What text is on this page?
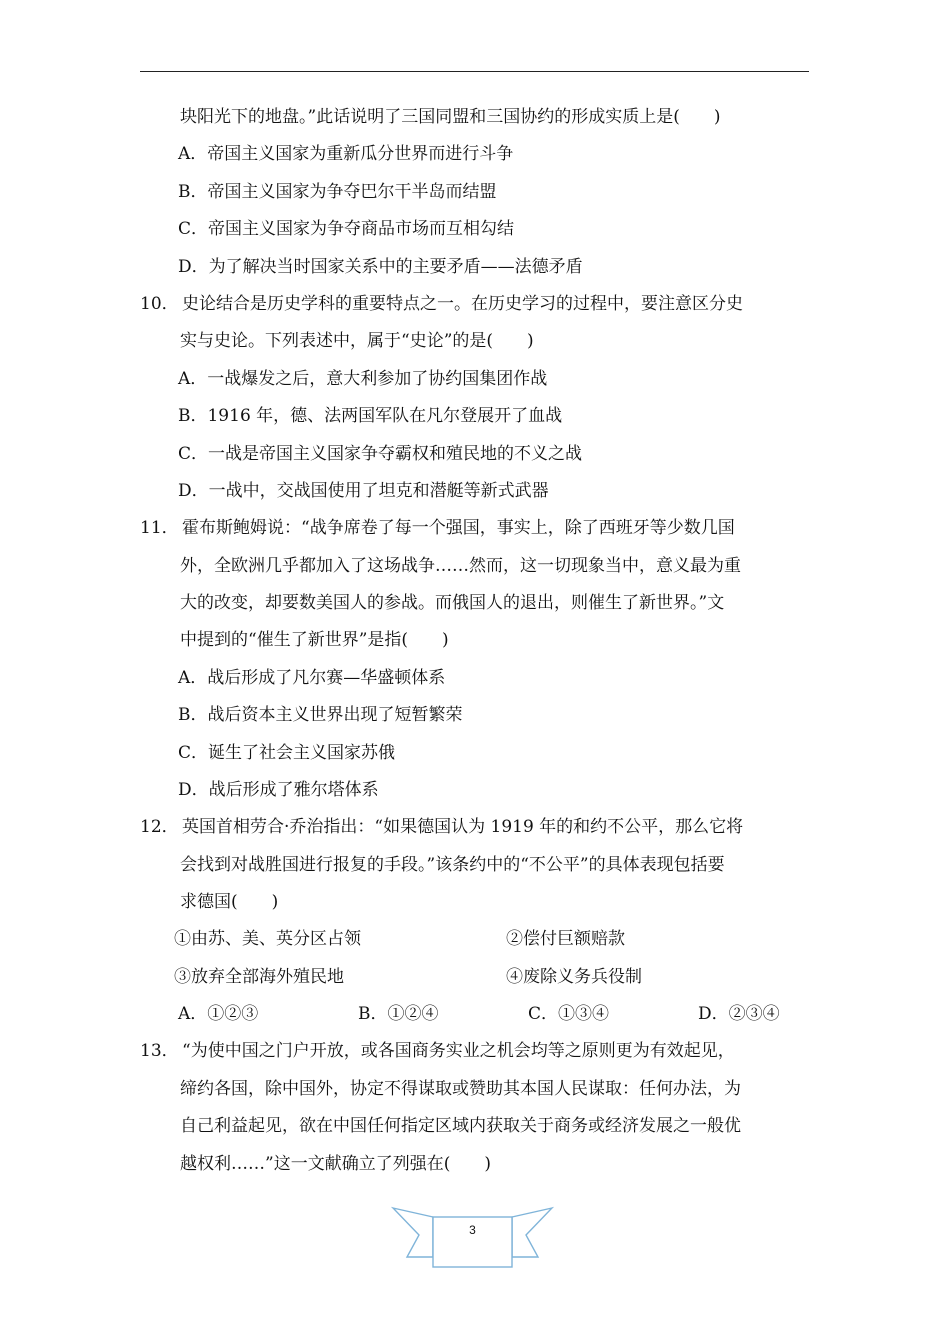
块阳光下的地盘。”此话说明了三国同盟和三国协约的形成实质上是(　　)
A．帝国主义国家为重新瓜分世界而进行斗争
B．帝国主义国家为争夺巴尔干半岛而结盟
C．帝国主义国家为争夺商品市场而互相勾结
D．为了解决当时国家关系中的主要矛盾——法德矛盾
10． 史论结合是历史学科的重要特点之一。在历史学习的过程中，要注意区分史
实与史论。下列表述中，属于“史论”的是(　　)
A．一战爆发之后，意大利参加了协约国集团作战
B．1916 年，德、法两国军队在凡尔登展开了血战
C．一战是帝国主义国家争夺霸权和殖民地的不义之战
D．一战中，交战国使用了坦克和潜艇等新式武器
11． 霍布斯鲍姆说：“战争席卷了每一个强国，事实上，除了西班牙等少数几国
外，全欧洲几乎都加入了这场战争……然而，这一切现象当中，意义最为重
大的改变，却要数美国人的参战。而俄国人的退出，则催生了新世界。”文
中提到的“催生了新世界”是指(　　)
A．战后形成了凡尔赛—华盛顿体系
B．战后资本主义世界出现了短暂繁荣
C．诞生了社会主义国家苏俄
D．战后形成了雅尔塔体系
12． 英国首相劳合·乔治指出：“如果德国认为 1919 年的和约不公平，那么它将
会找到对战胜国进行报复的手段。”该条约中的“不公平”的具体表现包括要
求德国(　　)
①由苏、美、英分区占领	②偿付巨额赔款
③放弃全部海外殖民地	④废除义务兵役制
A．①②③	B．①②④	C．①③④	D．②③④
13． “为使中国之门户开放，或各国商务实业之机会均等之原则更为有效起见，
缔约各国，除中国外，协定不得谋取或赞助其本国人民谋取：任何办法，为
自己利益起见，欲在中国任何指定区域内获取关于商务或经济发展之一般优
越权利……”这一文献确立了列强在(　　)
3
